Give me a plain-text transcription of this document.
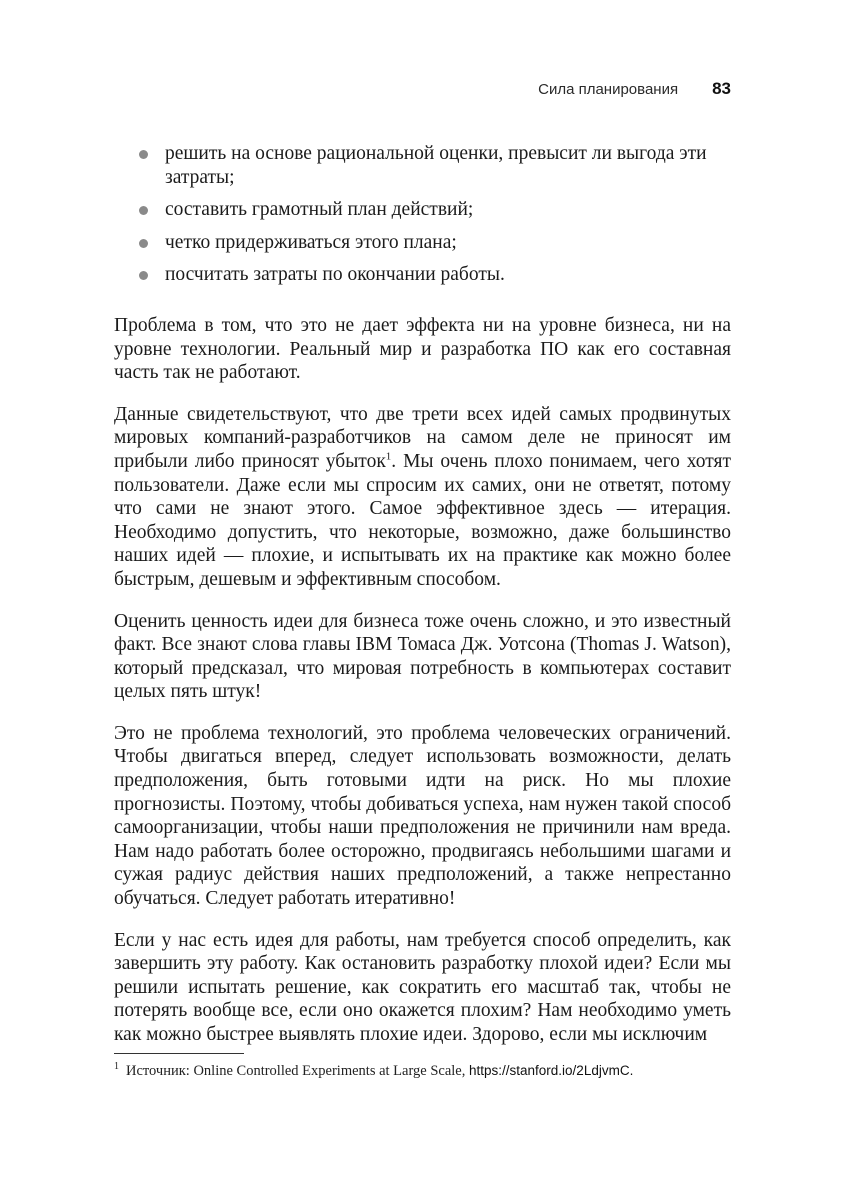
Сила планирования 83
решить на основе рациональной оценки, превысит ли выгода эти затраты;
составить грамотный план действий;
четко придерживаться этого плана;
посчитать затраты по окончании работы.

Проблема в том, что это не дает эффекта ни на уровне бизнеса, ни на уровне технологии. Реальный мир и разработка ПО как его составная часть так не работают.

Данные свидетельствуют, что две трети всех идей самых продвинутых мировых компаний-разработчиков на самом деле не приносят им прибыли либо приносят убыток$^1$. Мы очень плохо понимаем, чего хотят пользователи. Даже если мы спросим их самих, они не ответят, потому что сами не знают этого. Самое эффективное здесь — итерация. Необходимо допустить, что некоторые, возможно, даже большинство наших идей — плохие, и испытывать их на практике как можно более быстрым, дешевым и эффективным способом.

Оценить ценность идеи для бизнеса тоже очень сложно, и это известный факт. Все знают слова главы IBM Томаса Дж. Уотсона (Thomas J. Watson), который предсказал, что мировая потребность в компьютерах составит целых пять штук!

Это не проблема технологий, это проблема человеческих ограничений. Чтобы двигаться вперед, следует использовать возможности, делать предположения, быть готовыми идти на риск. Но мы плохие прогнозисты. Поэтому, чтобы добиваться успеха, нам нужен такой способ самоорганизации, чтобы наши предположения не причинили нам вреда. Нам надо работать более осторожно, продвигаясь небольшими шагами и сужая радиус действия наших предположений, а также непрестанно обучаться. Следует работать итеративно!

Если у нас есть идея для работы, нам требуется способ определить, как завершить эту работу. Как остановить разработку плохой идеи? Если мы решили испытать решение, как сократить его масштаб так, чтобы не потерять вообще все, если оно окажется плохим? Нам необходимо уметь как можно быстрее выявлять плохие идеи. Здорово, если мы исключим

$^1$ Источник: Online Controlled Experiments at Large Scale, https://stanford.io/2LdjvmC.
